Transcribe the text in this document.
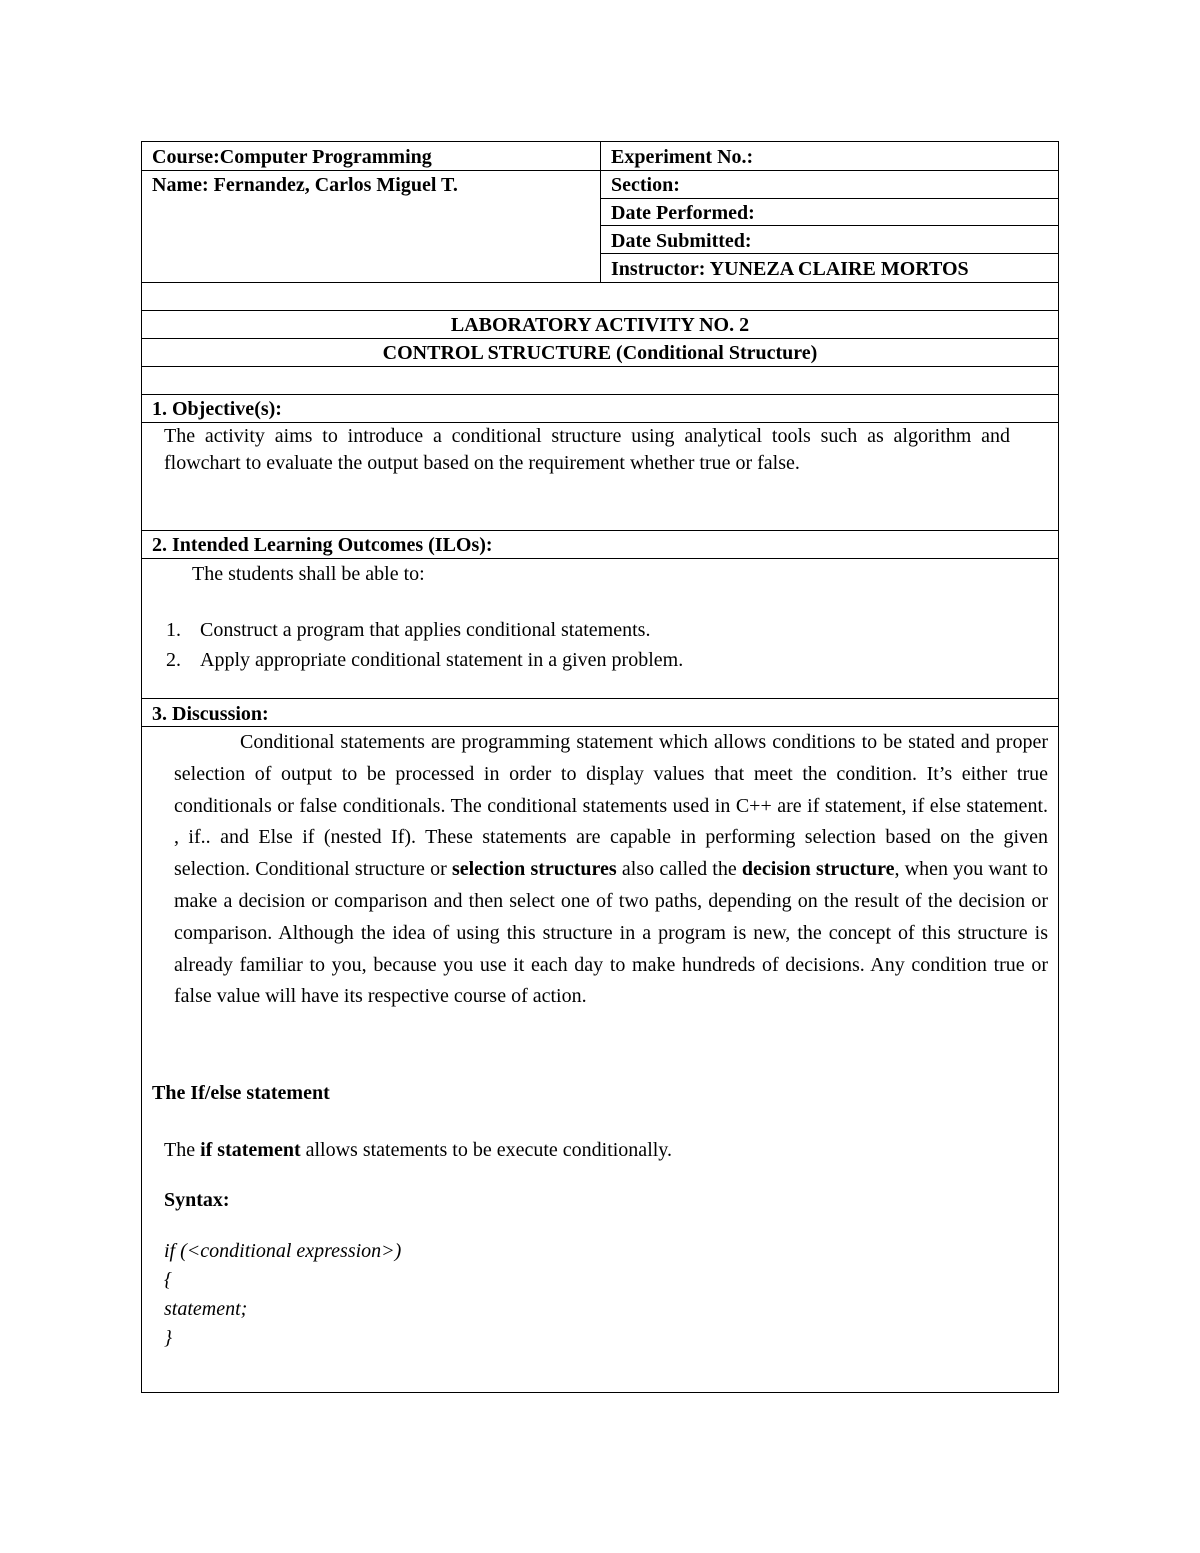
Course:Computer Programming	Experiment No.:
Name: Fernandez, Carlos Miguel T.	Section:
Date Performed:
Date Submitted:
Instructor: YUNEZA CLAIRE MORTOS
LABORATORY ACTIVITY NO. 2
CONTROL STRUCTURE (Conditional Structure)
1. Objective(s):
The activity aims to introduce a conditional structure using analytical tools such as algorithm and flowchart to evaluate the output based on the requirement whether true or false.
2. Intended Learning Outcomes (ILOs):
The students shall be able to:
1. Construct a program that applies conditional statements.
2. Apply appropriate conditional statement in a given problem.
3. Discussion:
Conditional statements are programming statement which allows conditions to be stated and proper selection of output to be processed in order to display values that meet the condition. It’s either true conditionals or false conditionals. The conditional statements used in C++ are if statement, if else statement. , if.. and Else if (nested If). These statements are capable in performing selection based on the given selection. Conditional structure or selection structures also called the decision structure, when you want to make a decision or comparison and then select one of two paths, depending on the result of the decision or comparison. Although the idea of using this structure in a program is new, the concept of this structure is already familiar to you, because you use it each day to make hundreds of decisions. Any condition true or false value will have its respective course of action.
The If/else statement
The if statement allows statements to be execute conditionally.
Syntax:
if (<conditional expression>)
{
statement;
}
